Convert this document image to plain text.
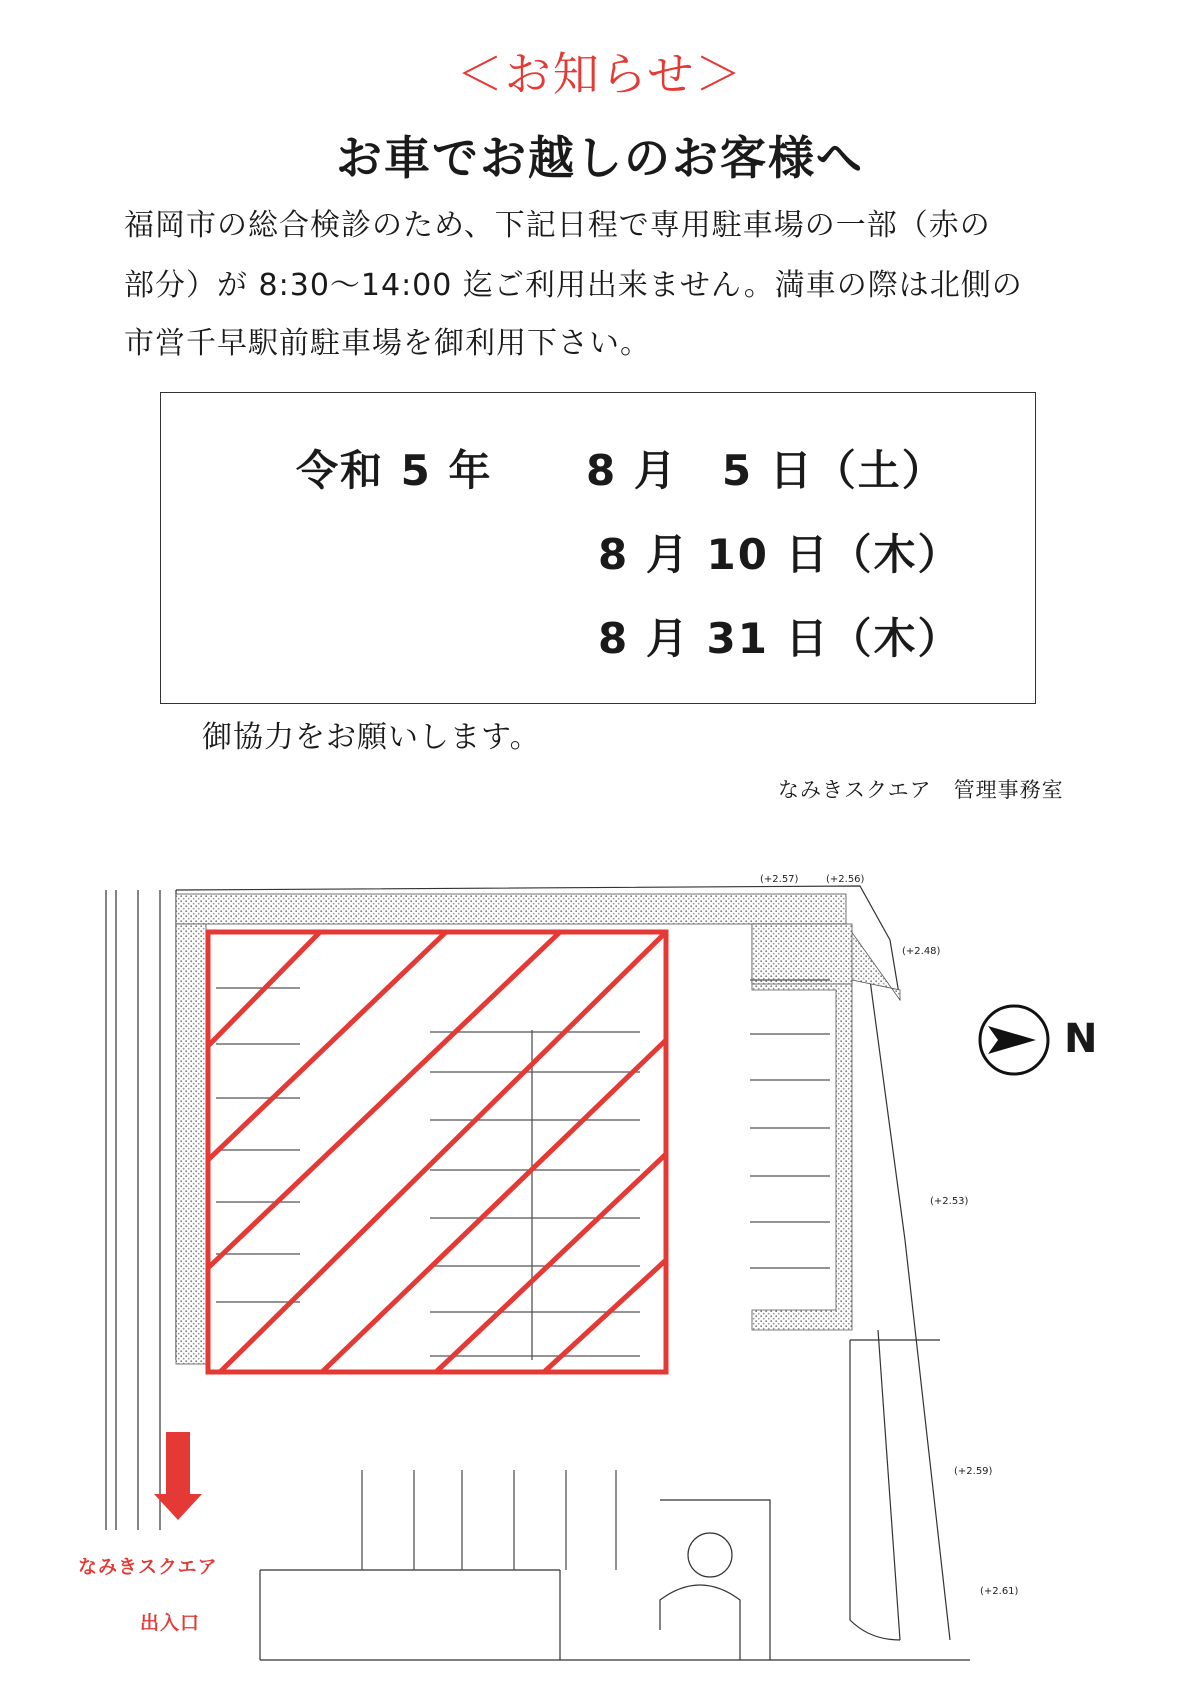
＜お知らせ＞
お車でお越しのお客様へ
福岡市の総合検診のため、下記日程で専用駐車場の一部（赤の
部分）が 8:30～14:00 迄ご利用出来ません。満車の際は北側の
市営千早駅前駐車場を御利用下さい。
令和 5 年 8 月　5 日（土）
8 月 10 日（木）
8 月 31 日（木）
御協力をお願いします。
なみきスクエア　管理事務室
N
なみきスクエア
出入口
(+2.57)	(+2.56)
(+2.48)
(+2.53)
(+2.59)
(+2.61)
